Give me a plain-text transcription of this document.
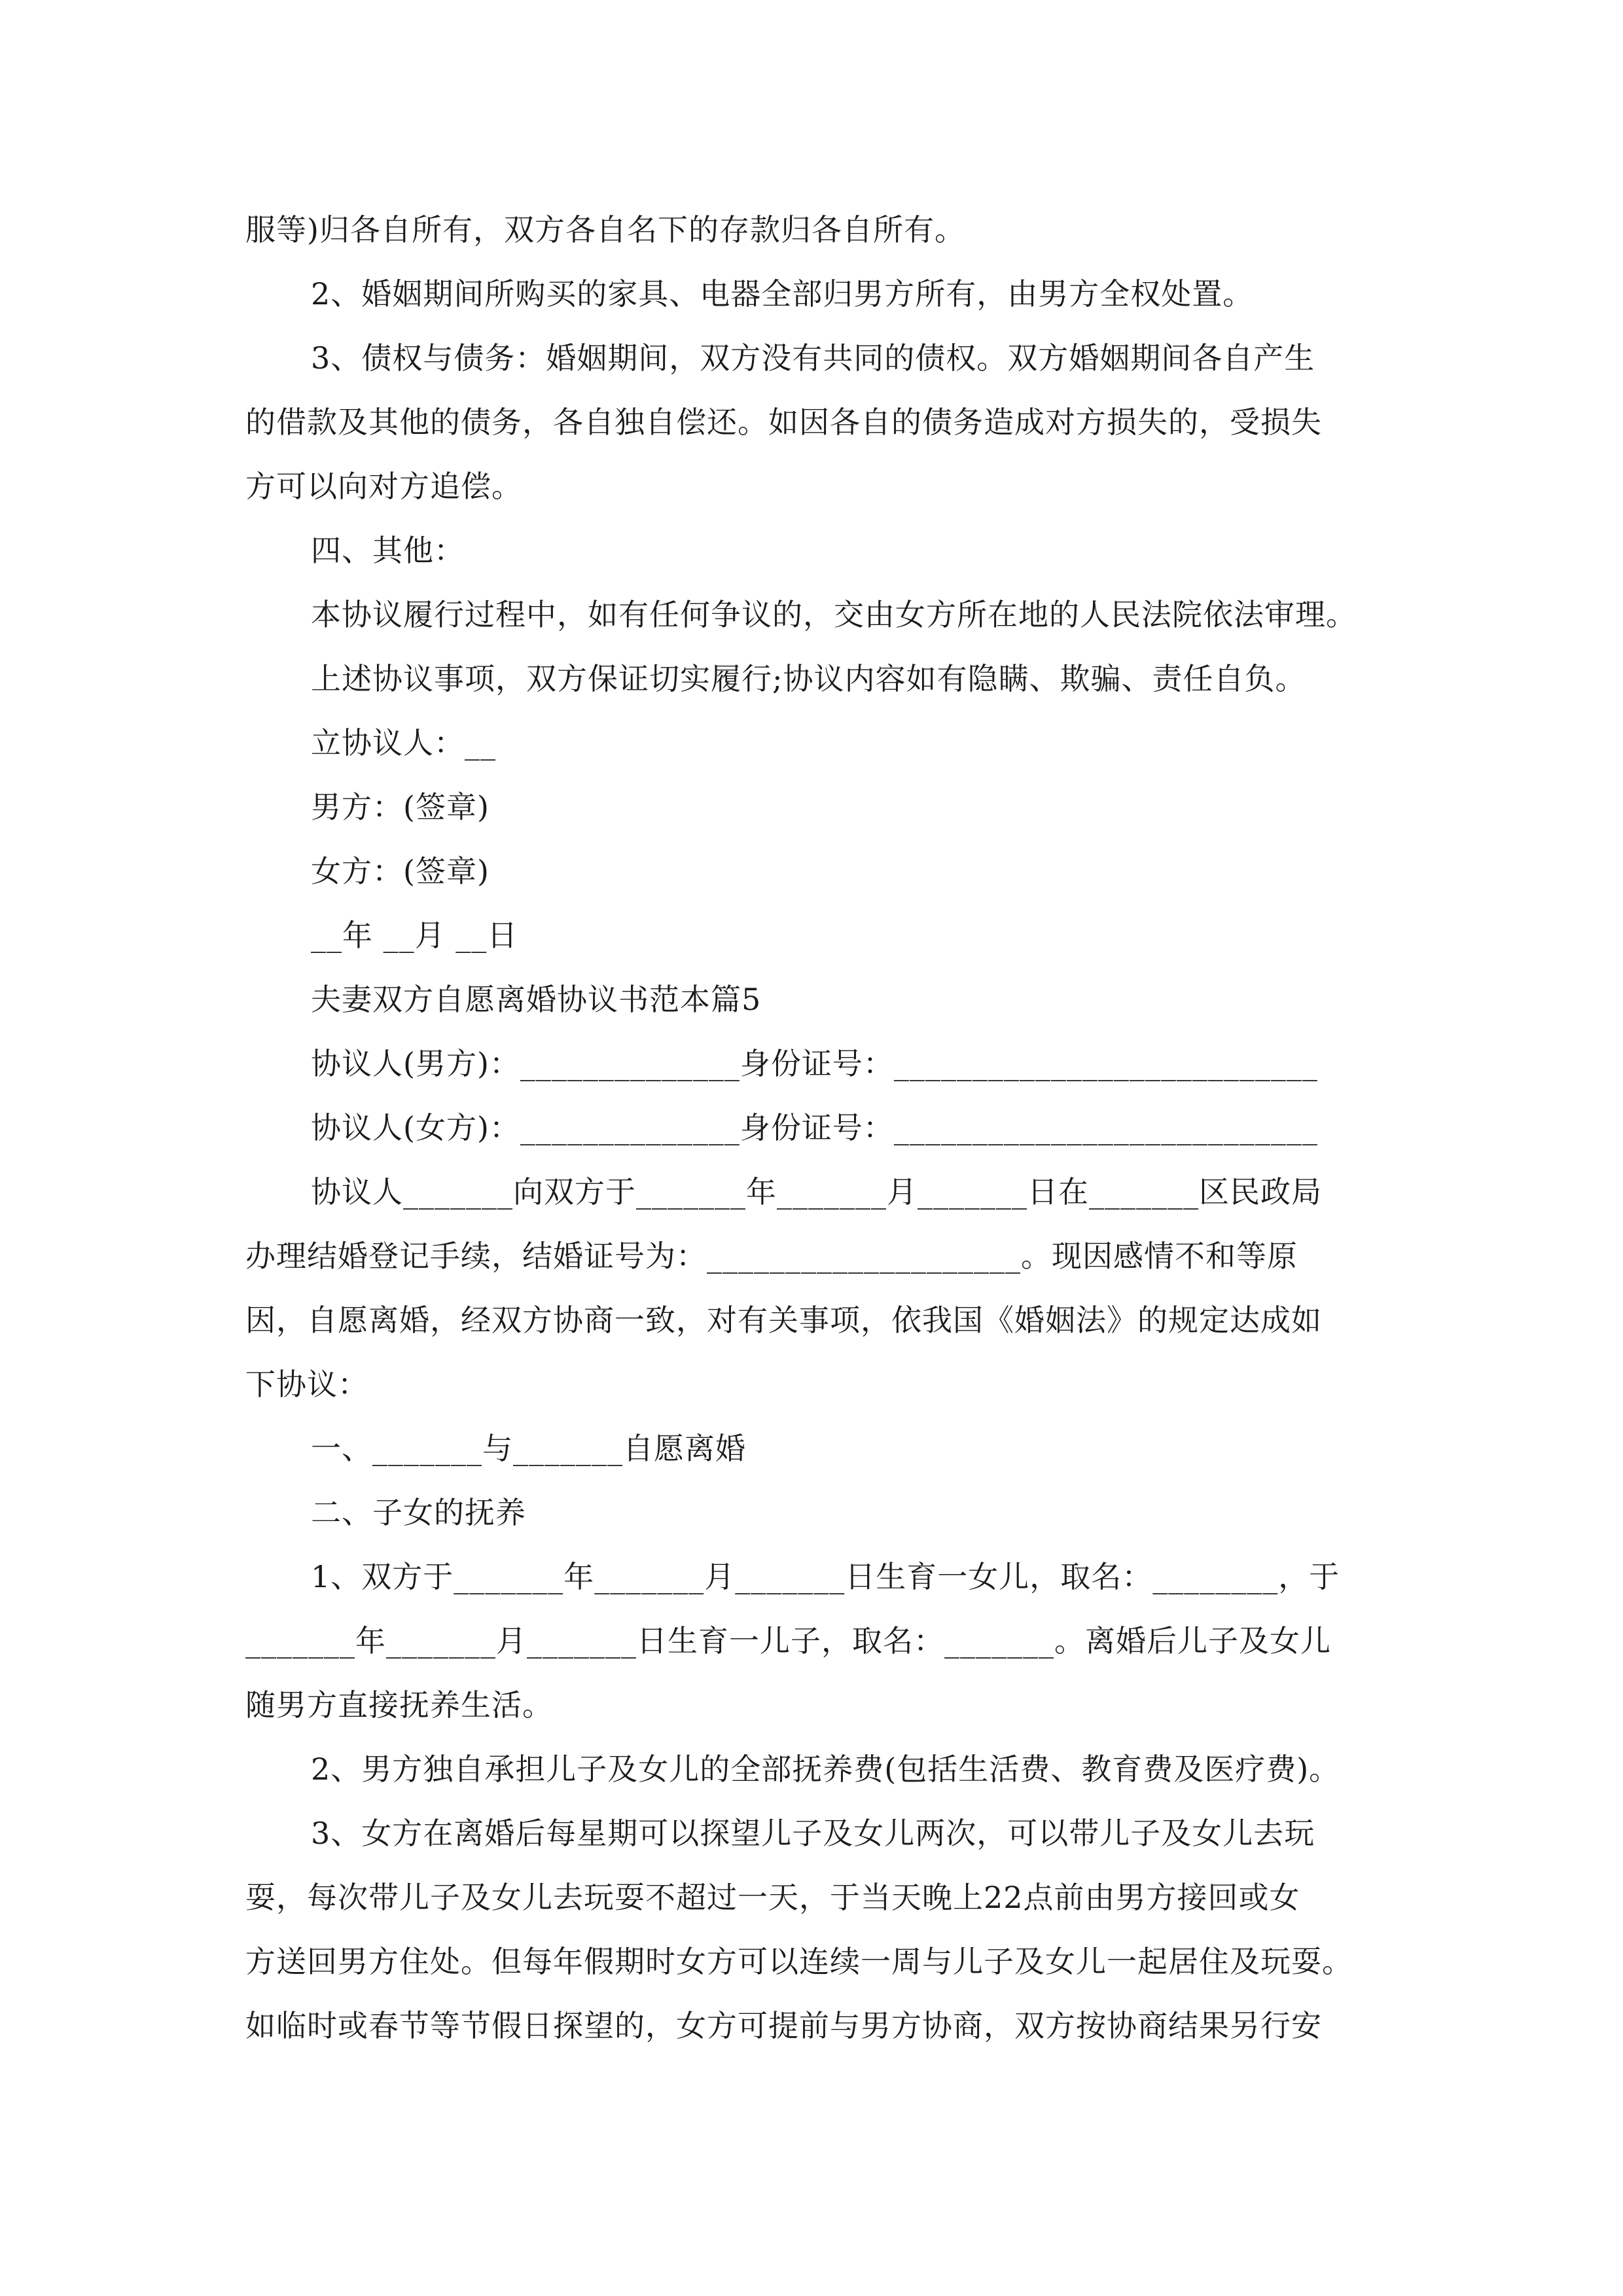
服等)归各自所有，双方各自名下的存款归各自所有。
2、婚姻期间所购买的家具、电器全部归男方所有，由男方全权处置。
3、债权与债务：婚姻期间，双方没有共同的债权。双方婚姻期间各自产生
的借款及其他的债务，各自独自偿还。如因各自的债务造成对方损失的，受损失
方可以向对方追偿。
四、其他：
本协议履行过程中，如有任何争议的，交由女方所在地的人民法院依法审理。
上述协议事项，双方保证切实履行;协议内容如有隐瞒、欺骗、责任自负。
立协议人：__
男方：(签章)
女方：(签章)
__年 __月 __日
夫妻双方自愿离婚协议书范本篇5
协议人(男方)：______________身份证号：___________________________
协议人(女方)：______________身份证号：___________________________
协议人_______向双方于_______年_______月_______日在_______区民政局
办理结婚登记手续，结婚证号为：____________________。现因感情不和等原
因，自愿离婚，经双方协商一致，对有关事项，依我国《婚姻法》的规定达成如
下协议：
一、_______与_______自愿离婚
二、子女的抚养
1、双方于_______年_______月_______日生育一女儿，取名：________，于
_______年_______月_______日生育一儿子，取名：_______。离婚后儿子及女儿
随男方直接抚养生活。
2、男方独自承担儿子及女儿的全部抚养费(包括生活费、教育费及医疗费)。
3、女方在离婚后每星期可以探望儿子及女儿两次，可以带儿子及女儿去玩
耍，每次带儿子及女儿去玩耍不超过一天，于当天晚上22点前由男方接回或女
方送回男方住处。但每年假期时女方可以连续一周与儿子及女儿一起居住及玩耍。
如临时或春节等节假日探望的，女方可提前与男方协商，双方按协商结果另行安
